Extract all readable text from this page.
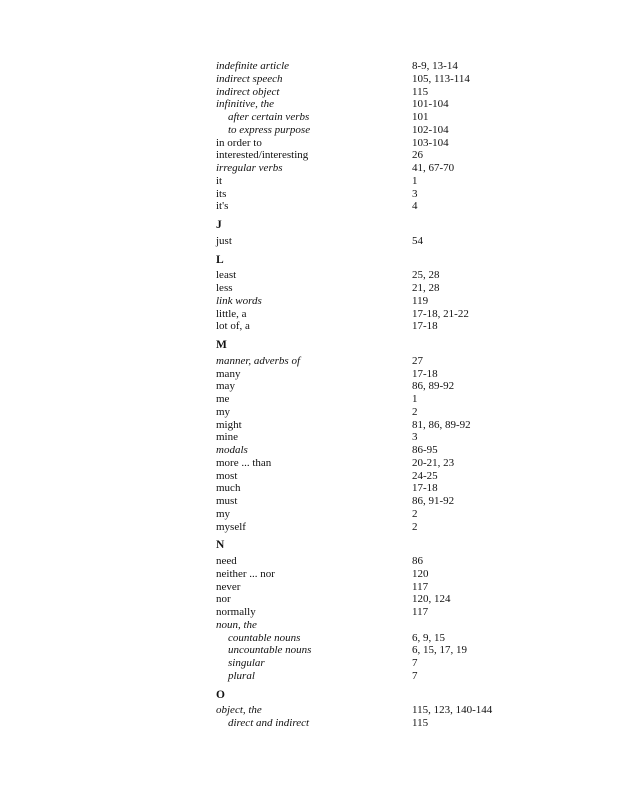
indefinite article	8-9, 13-14
indirect speech	105, 113-114
indirect object	115
infinitive, the	101-104
after certain verbs	101
to express purpose	102-104
in order to	103-104
interested/interesting	26
irregular verbs	41, 67-70
it	1
its	3
it's	4
J
just	54
L
least	25, 28
less	21, 28
link words	119
little, a	17-18, 21-22
lot of, a	17-18
M
manner, adverbs of	27
many	17-18
may	86, 89-92
me	1
my	2
might	81, 86, 89-92
mine	3
modals	86-95
more ... than	20-21, 23
most	24-25
much	17-18
must	86, 91-92
my	2
myself	2
N
need	86
neither ... nor	120
never	117
nor	120, 124
normally	117
noun, the
countable nouns	6, 9, 15
uncountable nouns	6, 15, 17, 19
singular	7
plural	7
O
object, the	115, 123, 140-144
direct and indirect	115
